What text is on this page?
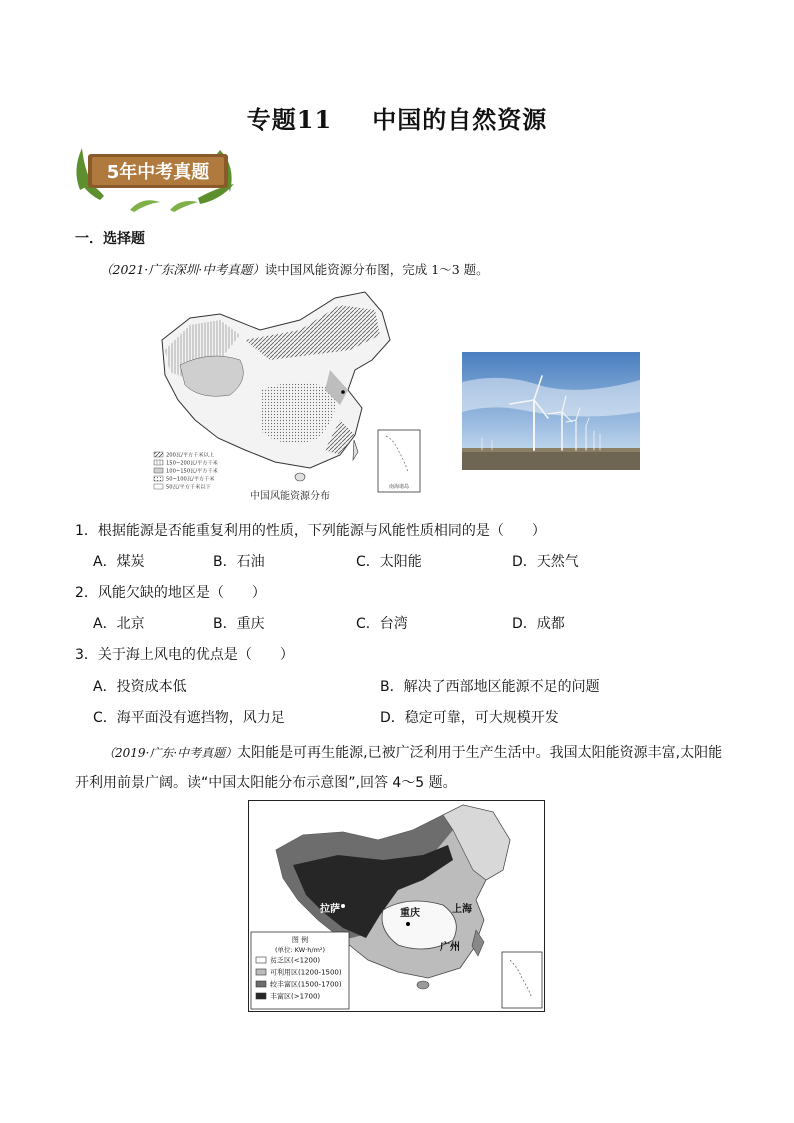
专题11 中国的自然资源
5年中考真题
一．选择题
（2021·广东深圳·中考真题）读中国风能资源分布图，完成 1～3 题。
南海诸岛
200瓦/平方千米以上
150~200瓦/平方千米
100~150瓦/平方千米
50~100瓦/平方千米
50瓦/平方千米以下
中国风能资源分布
1．根据能源是否能重复利用的性质，下列能源与风能性质相同的是（　　）
A．煤炭	B．石油	C．太阳能	D．天然气
2．风能欠缺的地区是（　　）
A．北京	B．重庆	C．台湾	D．成都
3．关于海上风电的优点是（　　）
A．投资成本低	B．解决了西部地区能源不足的问题
C．海平面没有遮挡物，风力足	D．稳定可靠，可大规模开发
（2019·广东·中考真题）太阳能是可再生能源,已被广泛利用于生产生活中。我国太阳能资源丰富,太阳能开利用前景广阔。读“中国太阳能分布示意图”,回答 4～5 题。
拉萨	重庆	上海
广州
图 例
(单位: KW·h/m²)
贫乏区(<1200)
可利用区(1200-1500)
较丰富区(1500-1700)
丰富区(>1700)
